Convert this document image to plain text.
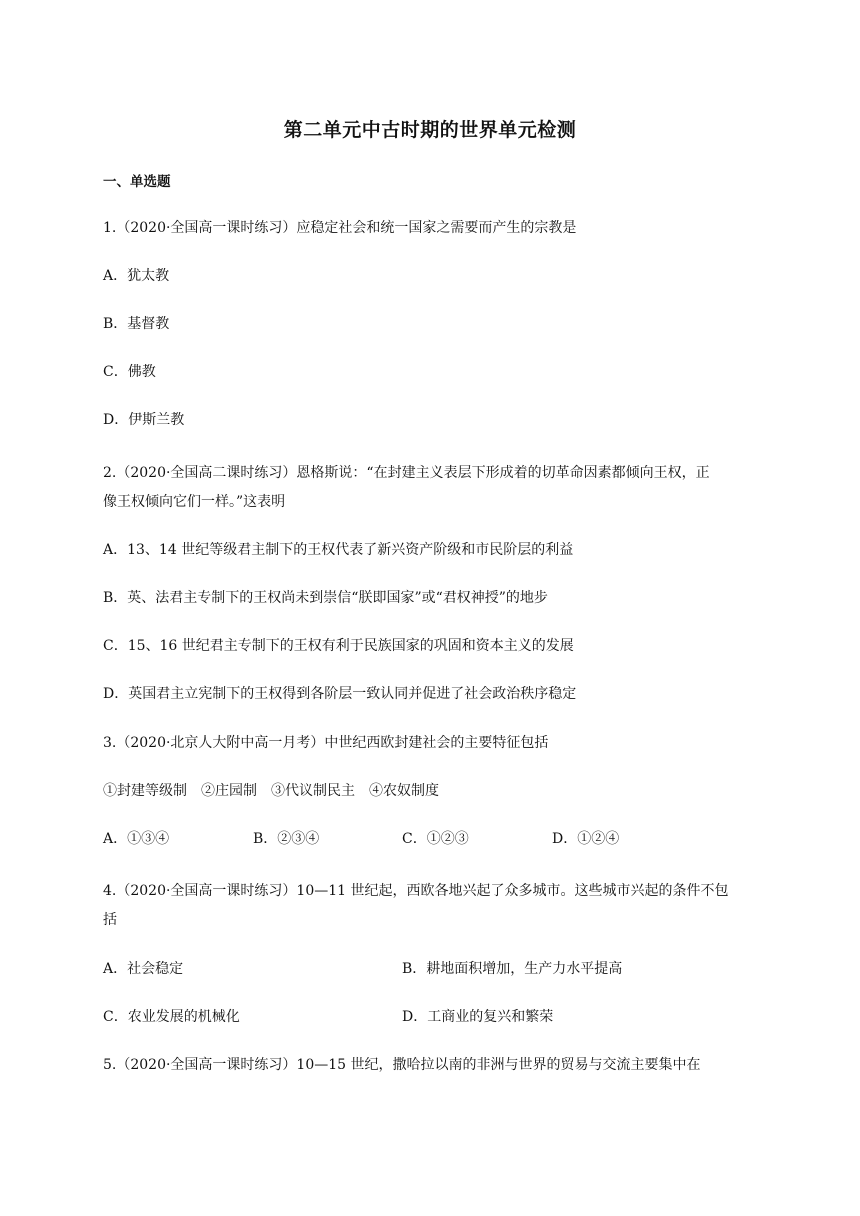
第二单元中古时期的世界单元检测
一、单选题
1.（2020·全国高一课时练习）应稳定社会和统一国家之需要而产生的宗教是
A．犹太教
B．基督教
C．佛教
D．伊斯兰教
2.（2020·全国高二课时练习）恩格斯说：“在封建主义表层下形成着的切革命因素都倾向王权，正
像王权倾向它们一样。”这表明
A．13、14 世纪等级君主制下的王权代表了新兴资产阶级和市民阶层的利益
B．英、法君主专制下的王权尚未到崇信“朕即国家”或“君权神授”的地步
C．15、16 世纪君主专制下的王权有利于民族国家的巩固和资本主义的发展
D．英国君主立宪制下的王权得到各阶层一致认同并促进了社会政治秩序稳定
3.（2020·北京人大附中高一月考）中世纪西欧封建社会的主要特征包括
①封建等级制　②庄园制　③代议制民主　④农奴制度
A．①③④	B．②③④	C．①②③	D．①②④
4.（2020·全国高一课时练习）10—11 世纪起，西欧各地兴起了众多城市。这些城市兴起的条件不包
括
A．社会稳定	B．耕地面积增加，生产力水平提高
C．农业发展的机械化	D．工商业的复兴和繁荣
5.（2020·全国高一课时练习）10—15 世纪，撒哈拉以南的非洲与世界的贸易与交流主要集中在
